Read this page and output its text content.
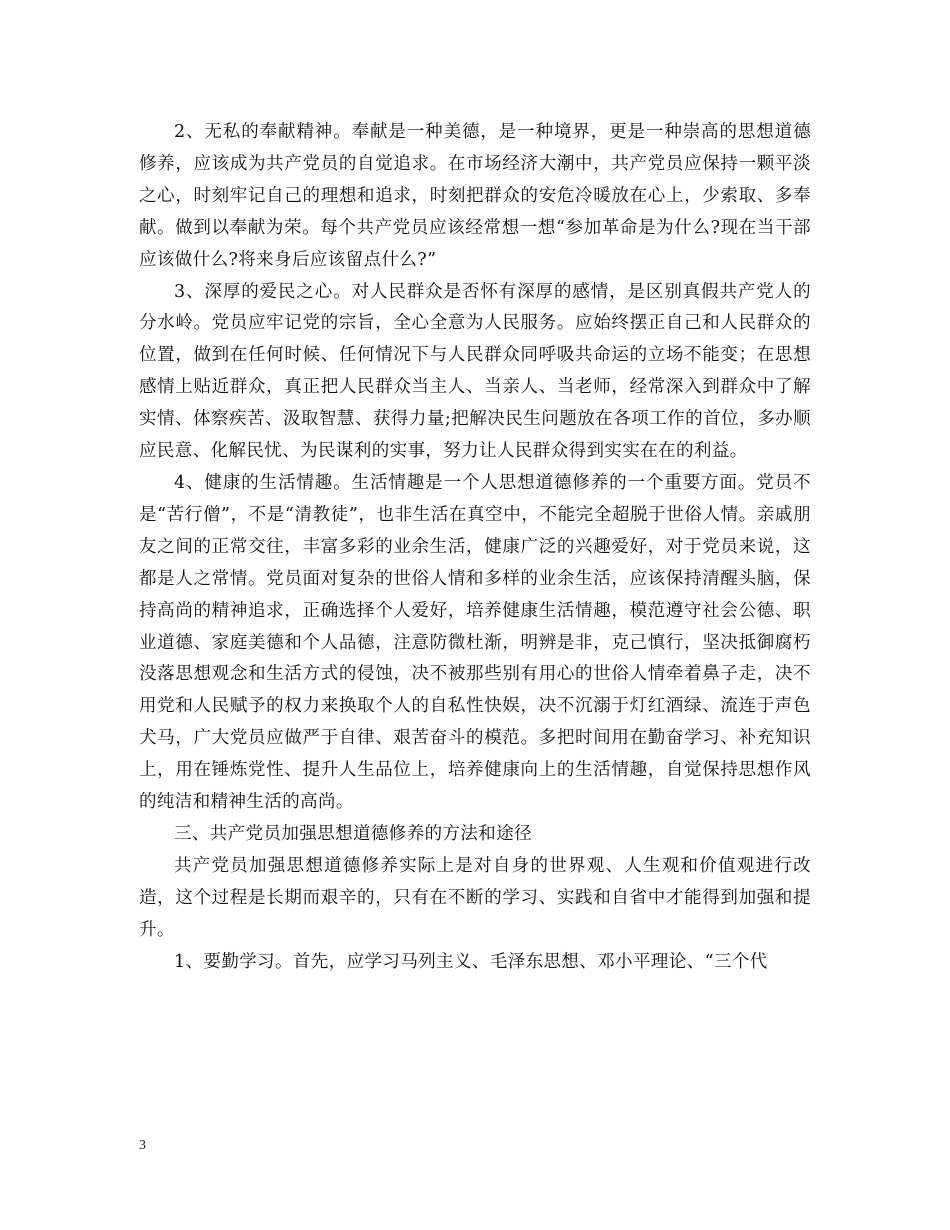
2、无私的奉献精神。奉献是一种美德，是一种境界，更是一种崇高的思想道德修养，应该成为共产党员的自觉追求。在市场经济大潮中，共产党员应保持一颗平淡之心，时刻牢记自己的理想和追求，时刻把群众的安危冷暖放在心上，少索取、多奉献。做到以奉献为荣。每个共产党员应该经常想一想“参加革命是为什么?现在当干部应该做什么?将来身后应该留点什么?”

3、深厚的爱民之心。对人民群众是否怀有深厚的感情，是区别真假共产党人的分水岭。党员应牢记党的宗旨，全心全意为人民服务。应始终摆正自己和人民群众的位置，做到在任何时候、任何情况下与人民群众同呼吸共命运的立场不能变；在思想感情上贴近群众，真正把人民群众当主人、当亲人、当老师，经常深入到群众中了解实情、体察疾苦、汲取智慧、获得力量;把解决民生问题放在各项工作的首位，多办顺应民意、化解民忧、为民谋利的实事，努力让人民群众得到实实在在的利益。

4、健康的生活情趣。生活情趣是一个人思想道德修养的一个重要方面。党员不是“苦行僧”，不是“清教徒”，也非生活在真空中，不能完全超脱于世俗人情。亲戚朋友之间的正常交往，丰富多彩的业余生活，健康广泛的兴趣爱好，对于党员来说，这都是人之常情。党员面对复杂的世俗人情和多样的业余生活，应该保持清醒头脑，保持高尚的精神追求，正确选择个人爱好，培养健康生活情趣，模范遵守社会公德、职业道德、家庭美德和个人品德，注意防微杜渐，明辨是非，克己慎行，坚决抵御腐朽没落思想观念和生活方式的侵蚀，决不被那些别有用心的世俗人情牵着鼻子走，决不用党和人民赋予的权力来换取个人的自私性快娱，决不沉溺于灯红酒绿、流连于声色犬马，广大党员应做严于自律、艰苦奋斗的模范。多把时间用在勤奋学习、补充知识上，用在锤炼党性、提升人生品位上，培养健康向上的生活情趣，自觉保持思想作风的纯洁和精神生活的高尚。

三、共产党员加强思想道德修养的方法和途径

共产党员加强思想道德修养实际上是对自身的世界观、人生观和价值观进行改造，这个过程是长期而艰辛的，只有在不断的学习、实践和自省中才能得到加强和提升。

1、要勤学习。首先，应学习马列主义、毛泽东思想、邓小平理论、“三个代

3
